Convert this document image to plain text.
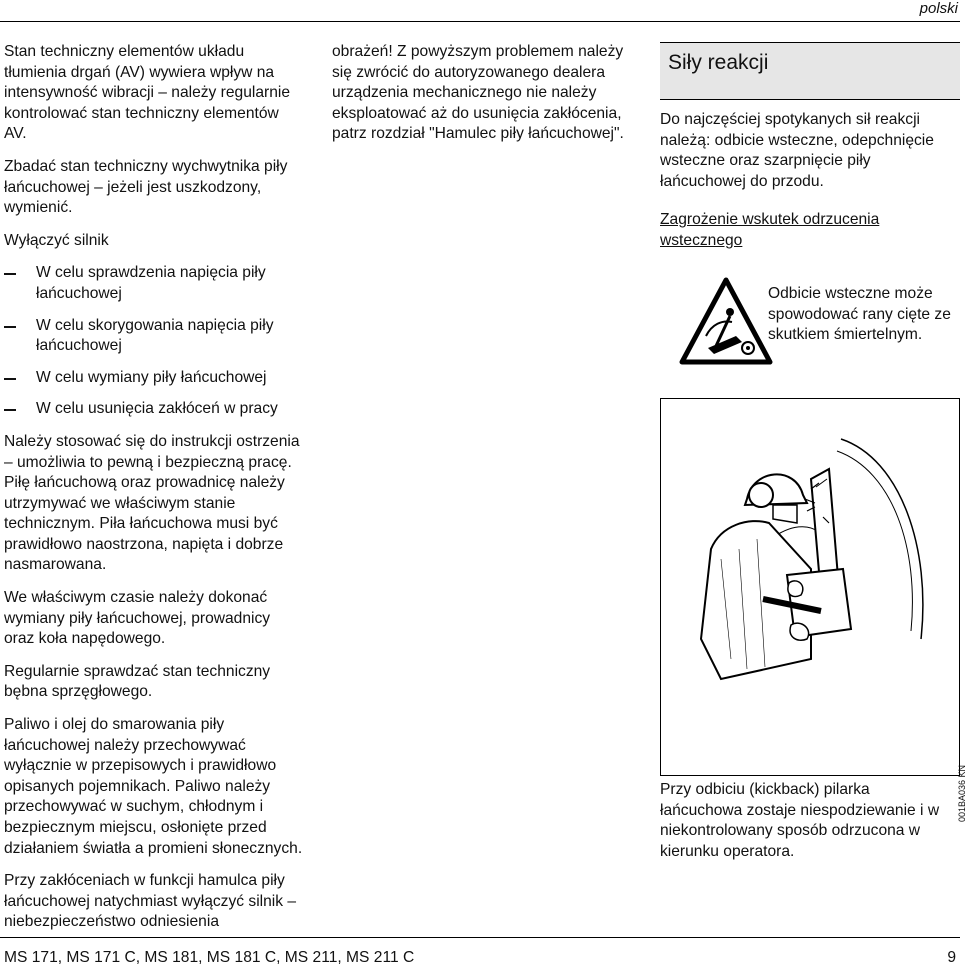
polski

Stan techniczny elementów układu tłumienia drgań (AV) wywiera wpływ na intensywność wibracji – należy regularnie kontrolować stan techniczny elementów AV.

Zbadać stan techniczny wychwytnika piły łańcuchowej – jeżeli jest uszkodzony, wymienić.

Wyłączyć silnik

W celu sprawdzenia napięcia piły łańcuchowej
W celu skorygowania napięcia piły łańcuchowej
W celu wymiany piły łańcuchowej
W celu usunięcia zakłóceń w pracy

Należy stosować się do instrukcji ostrzenia – umożliwia to pewną i bezpieczną pracę. Piłę łańcuchową oraz prowadnicę należy utrzymywać we właściwym stanie technicznym. Piła łańcuchowa musi być prawidłowo naostrzona, napięta i dobrze nasmarowana.

We właściwym czasie należy dokonać wymiany piły łańcuchowej, prowadnicy oraz koła napędowego.

Regularnie sprawdzać stan techniczny bębna sprzęgłowego.

Paliwo i olej do smarowania piły łańcuchowej należy przechowywać wyłącznie w przepisowych i prawidłowo opisanych pojemnikach. Paliwo należy przechowywać w suchym, chłodnym i bezpiecznym miejscu, osłonięte przed działaniem światła a promieni słonecznych.

Przy zakłóceniach w funkcji hamulca piły łańcuchowej natychmiast wyłączyć silnik – niebezpieczeństwo odniesienia

obrażeń! Z powyższym problemem należy się zwrócić do autoryzowanego dealera urządzenia mechanicznego nie należy eksploatować aż do usunięcia zakłócenia, patrz rozdział "Hamulec piły łańcuchowej".

Siły reakcji

Do najczęściej spotykanych sił reakcji należą: odbicie wsteczne, odepchnięcie wsteczne oraz szarpnięcie piły łańcuchowej do przodu.

Zagrożenie wskutek odrzucenia wstecznego

Odbicie wsteczne może spowodować rany cięte ze skutkiem śmiertelnym.
001BA036 KN
Przy odbiciu (kickback) pilarka łańcuchowa zostaje niespodziewanie i w niekontrolowany sposób odrzucona w kierunku operatora.
MS 171, MS 171 C, MS 181, MS 181 C, MS 211, MS 211 C	9
